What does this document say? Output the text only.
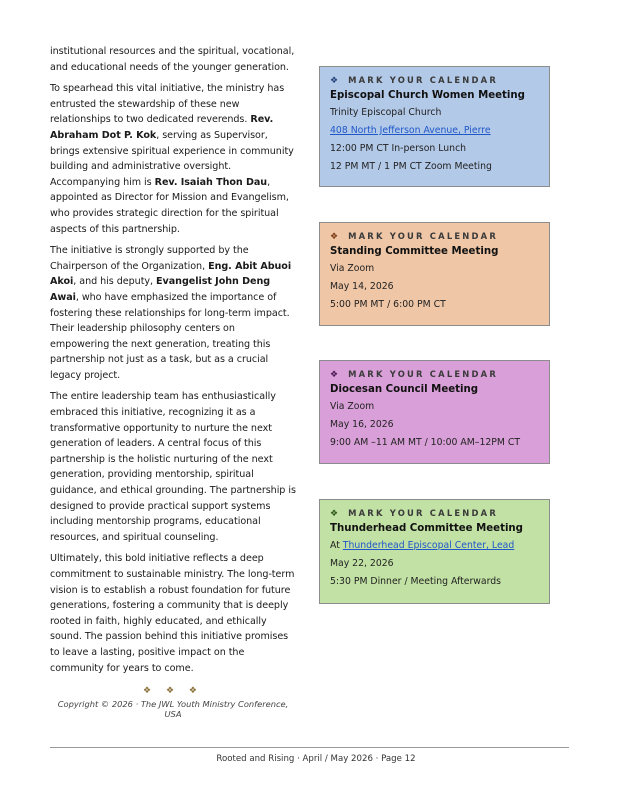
institutional resources and the spiritual, vocational, and educational needs of the younger generation.

To spearhead this vital initiative, the ministry has entrusted the stewardship of these new relationships to two dedicated reverends. Rev. Abraham Dot P. Kok, serving as Supervisor, brings extensive spiritual experience in community building and administrative oversight. Accompanying him is Rev. Isaiah Thon Dau, appointed as Director for Mission and Evangelism, who provides strategic direction for the spiritual aspects of this partnership.

The initiative is strongly supported by the Chairperson of the Organization, Eng. Abit Abuoi Akoi, and his deputy, Evangelist John Deng Awai, who have emphasized the importance of fostering these relationships for long-term impact. Their leadership philosophy centers on empowering the next generation, treating this partnership not just as a task, but as a crucial legacy project.

The entire leadership team has enthusiastically embraced this initiative, recognizing it as a transformative opportunity to nurture the next generation of leaders. A central focus of this partnership is the holistic nurturing of the next generation, providing mentorship, spiritual guidance, and ethical grounding. The partnership is designed to provide practical support systems including mentorship programs, educational resources, and spiritual counseling.

Ultimately, this bold initiative reflects a deep commitment to sustainable ministry. The long-term vision is to establish a robust foundation for future generations, fostering a community that is deeply rooted in faith, highly educated, and ethically sound. The passion behind this initiative promises to leave a lasting, positive impact on the community for years to come.

❖ ❖ ❖
Copyright © 2026 · The JWL Youth Ministry Conference, USA
❖ MARK YOUR CALENDAR
Episcopal Church Women Meeting
Trinity Episcopal Church
408 North Jefferson Avenue, Pierre
12:00 PM CT In-person Lunch
12 PM MT / 1 PM CT Zoom Meeting
❖ MARK YOUR CALENDAR
Standing Committee Meeting
Via Zoom
May 14, 2026
5:00 PM MT / 6:00 PM CT
❖ MARK YOUR CALENDAR
Diocesan Council Meeting
Via Zoom
May 16, 2026
9:00 AM –11 AM MT / 10:00 AM–12PM CT
❖ MARK YOUR CALENDAR
Thunderhead Committee Meeting
At Thunderhead Episcopal Center, Lead
May 22, 2026
5:30 PM Dinner / Meeting Afterwards
Rooted and Rising · April / May 2026 · Page 12
